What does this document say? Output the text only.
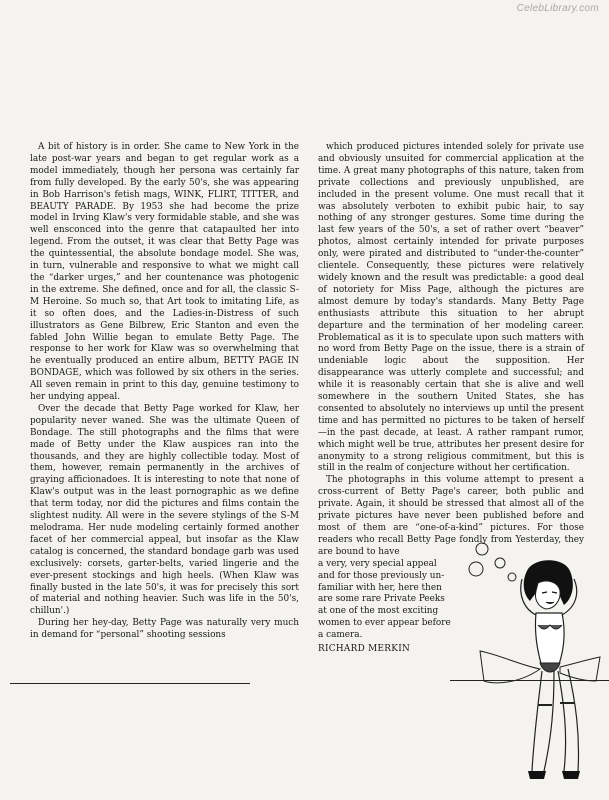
CelebLibrary.com

A bit of history is in order. She came to New York in the late post-war years and began to get regular work as a model immediately, though her persona was certainly far from fully developed. By the early 50's, she was appearing in Bob Harrison's fetish mags, WINK, FLIRT, TITTER, and BEAUTY PARADE. By 1953 she had become the prize model in Irving Klaw's very formidable stable, and she was well ensconced into the genre that catapaulted her into legend. From the outset, it was clear that Betty Page was the quintessential, the absolute bondage model. She was, in turn, vulnerable and responsive to what we might call the “darker urges,” and her countenance was photogenic in the extreme. She defined, once and for all, the classic S-M Heroine. So much so, that Art took to imitating Life, as it so often does, and the Ladies-in-Distress of such illustrators as Gene Bilbrew, Eric Stanton and even the fabled John Willie began to emulate Betty Page. The response to her work for Klaw was so overwhelming that he eventually produced an entire album, BETTY PAGE IN BONDAGE, which was followed by six others in the series. All seven remain in print to this day, genuine testimony to her undying appeal.

Over the decade that Betty Page worked for Klaw, her popularity never waned. She was the ultimate Queen of Bondage. The still photographs and the films that were made of Betty under the Klaw auspices ran into the thousands, and they are highly collectible today. Most of them, however, remain permanently in the archives of graying afficionadoes. It is interesting to note that none of Klaw's output was in the least pornographic as we define that term today, nor did the pictures and films contain the slightest nudity. All were in the severe stylings of the S-M melodrama. Her nude modeling certainly formed another facet of her commercial appeal, but insofar as the Klaw catalog is concerned, the standard bondage garb was used exclusively: corsets, garter-belts, varied lingerie and the ever-present stockings and high heels. (When Klaw was finally busted in the late 50's, it was for precisely this sort of material and nothing heavier. Such was life in the 50's, chillun'.)

During her hey-day, Betty Page was naturally very much in demand for “personal” shooting sessions

which produced pictures intended solely for private use and obviously unsuited for commercial application at the time. A great many photographs of this nature, taken from private collections and previously unpublished, are included in the present volume. One must recall that it was absolutely verboten to exhibit pubic hair, to say nothing of any stronger gestures. Some time during the last few years of the 50's, a set of rather overt “beaver” photos, almost certainly intended for private purposes only, were pirated and distributed to “under-the-counter” clientele. Consequently, these pictures were relatively widely known and the result was predictable: a good deal of notoriety for Miss Page, although the pictures are almost demure by today's standards. Many Betty Page enthusiasts attribute this situation to her abrupt departure and the termination of her modeling career. Problematical as it is to speculate upon such matters with no word from Betty Page on the issue, there is a strain of undeniable logic about the supposition. Her disappearance was utterly complete and successful; and while it is reasonably certain that she is alive and well somewhere in the southern United States, she has consented to absolutely no interviews up until the present time and has permitted no pictures to be taken of herself—in the past decade, at least. A rather rampant rumor, which might well be true, attributes her present desire for anonymity to a strong religious commitment, but this is still in the realm of conjecture without her certification.

The photographs in this volume attempt to present a cross-current of Betty Page's career, both public and private. Again, it should be stressed that almost all of the private pictures have never been published before and most of them are “one-of-a-kind” pictures. For those readers who recall Betty Page fondly from Yesterday, they are bound to have

a very, very special appeal
and for those previously un-
familiar with her, here then
are some rare Private Peeks
at one of the most exciting
women to ever appear before
a camera.

RICHARD MERKIN
